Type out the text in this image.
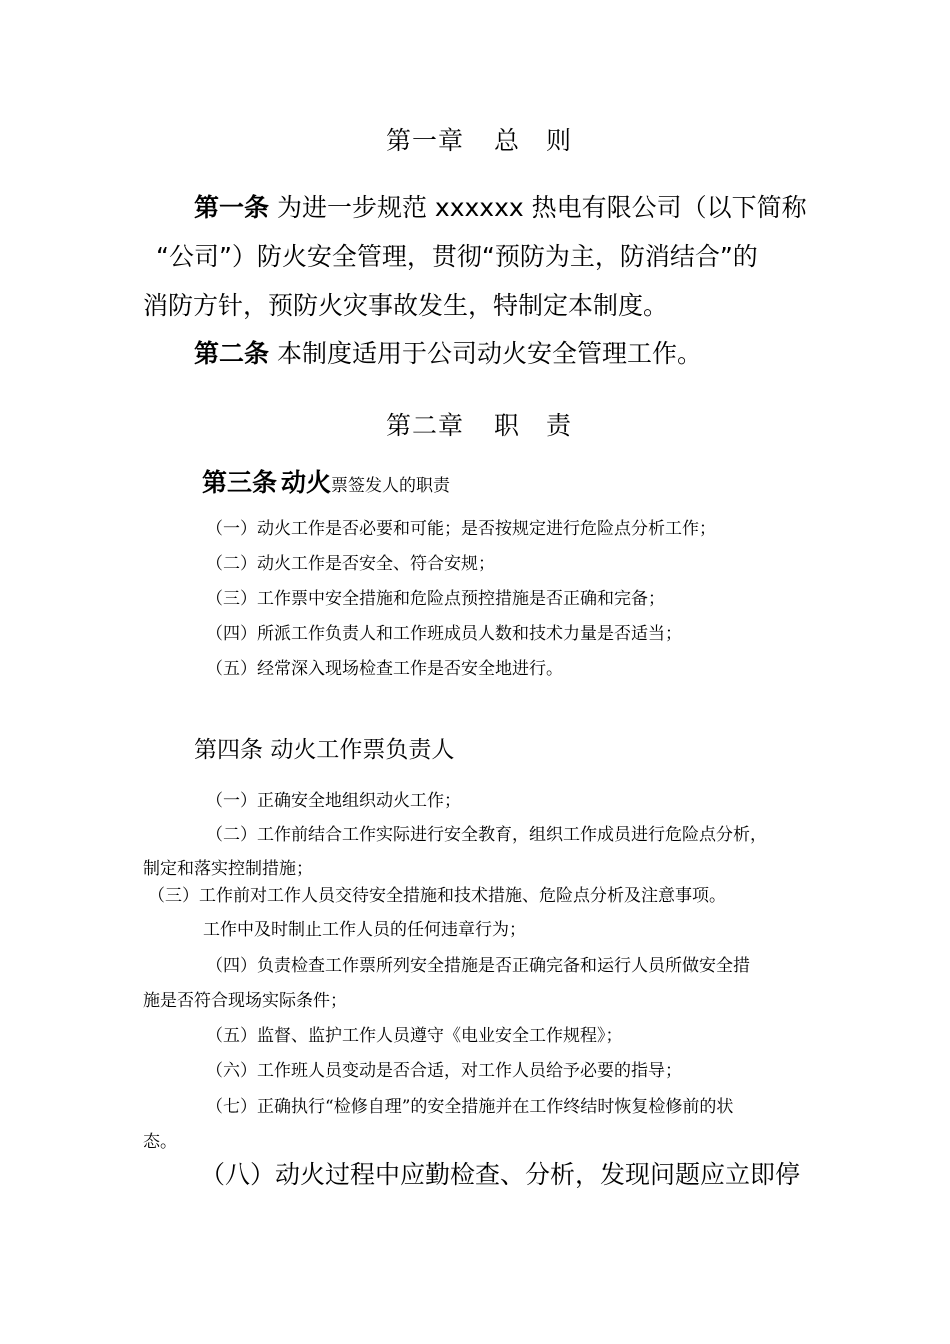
第一章 总　则
第一条 为进一步规范 xxxxxx 热电有限公司（以下简称
“公司”）防火安全管理，贯彻“预防为主，防消结合”的
消防方针，预防火灾事故发生，特制定本制度。
第二条 本制度适用于公司动火安全管理工作。
第二章 职　责
第三条 动火票签发人的职责
（一）动火工作是否必要和可能；是否按规定进行危险点分析工作；
（二）动火工作是否安全、符合安规；
（三）工作票中安全措施和危险点预控措施是否正确和完备；
（四）所派工作负责人和工作班成员人数和技术力量是否适当；
（五）经常深入现场检查工作是否安全地进行。
第四条 动火工作票负责人
（一）正确安全地组织动火工作；
（二）工作前结合工作实际进行安全教育，组织工作成员进行危险点分析，
制定和落实控制措施；
（三）工作前对工作人员交待安全措施和技术措施、危险点分析及注意事项。
工作中及时制止工作人员的任何违章行为；
（四）负责检查工作票所列安全措施是否正确完备和运行人员所做安全措
施是否符合现场实际条件；
（五）监督、监护工作人员遵守《电业安全工作规程》；
（六）工作班人员变动是否合适，对工作人员给予必要的指导；
（七）正确执行“检修自理”的安全措施并在工作终结时恢复检修前的状
态。
（八）动火过程中应勤检查、分析，发现问题应立即停
